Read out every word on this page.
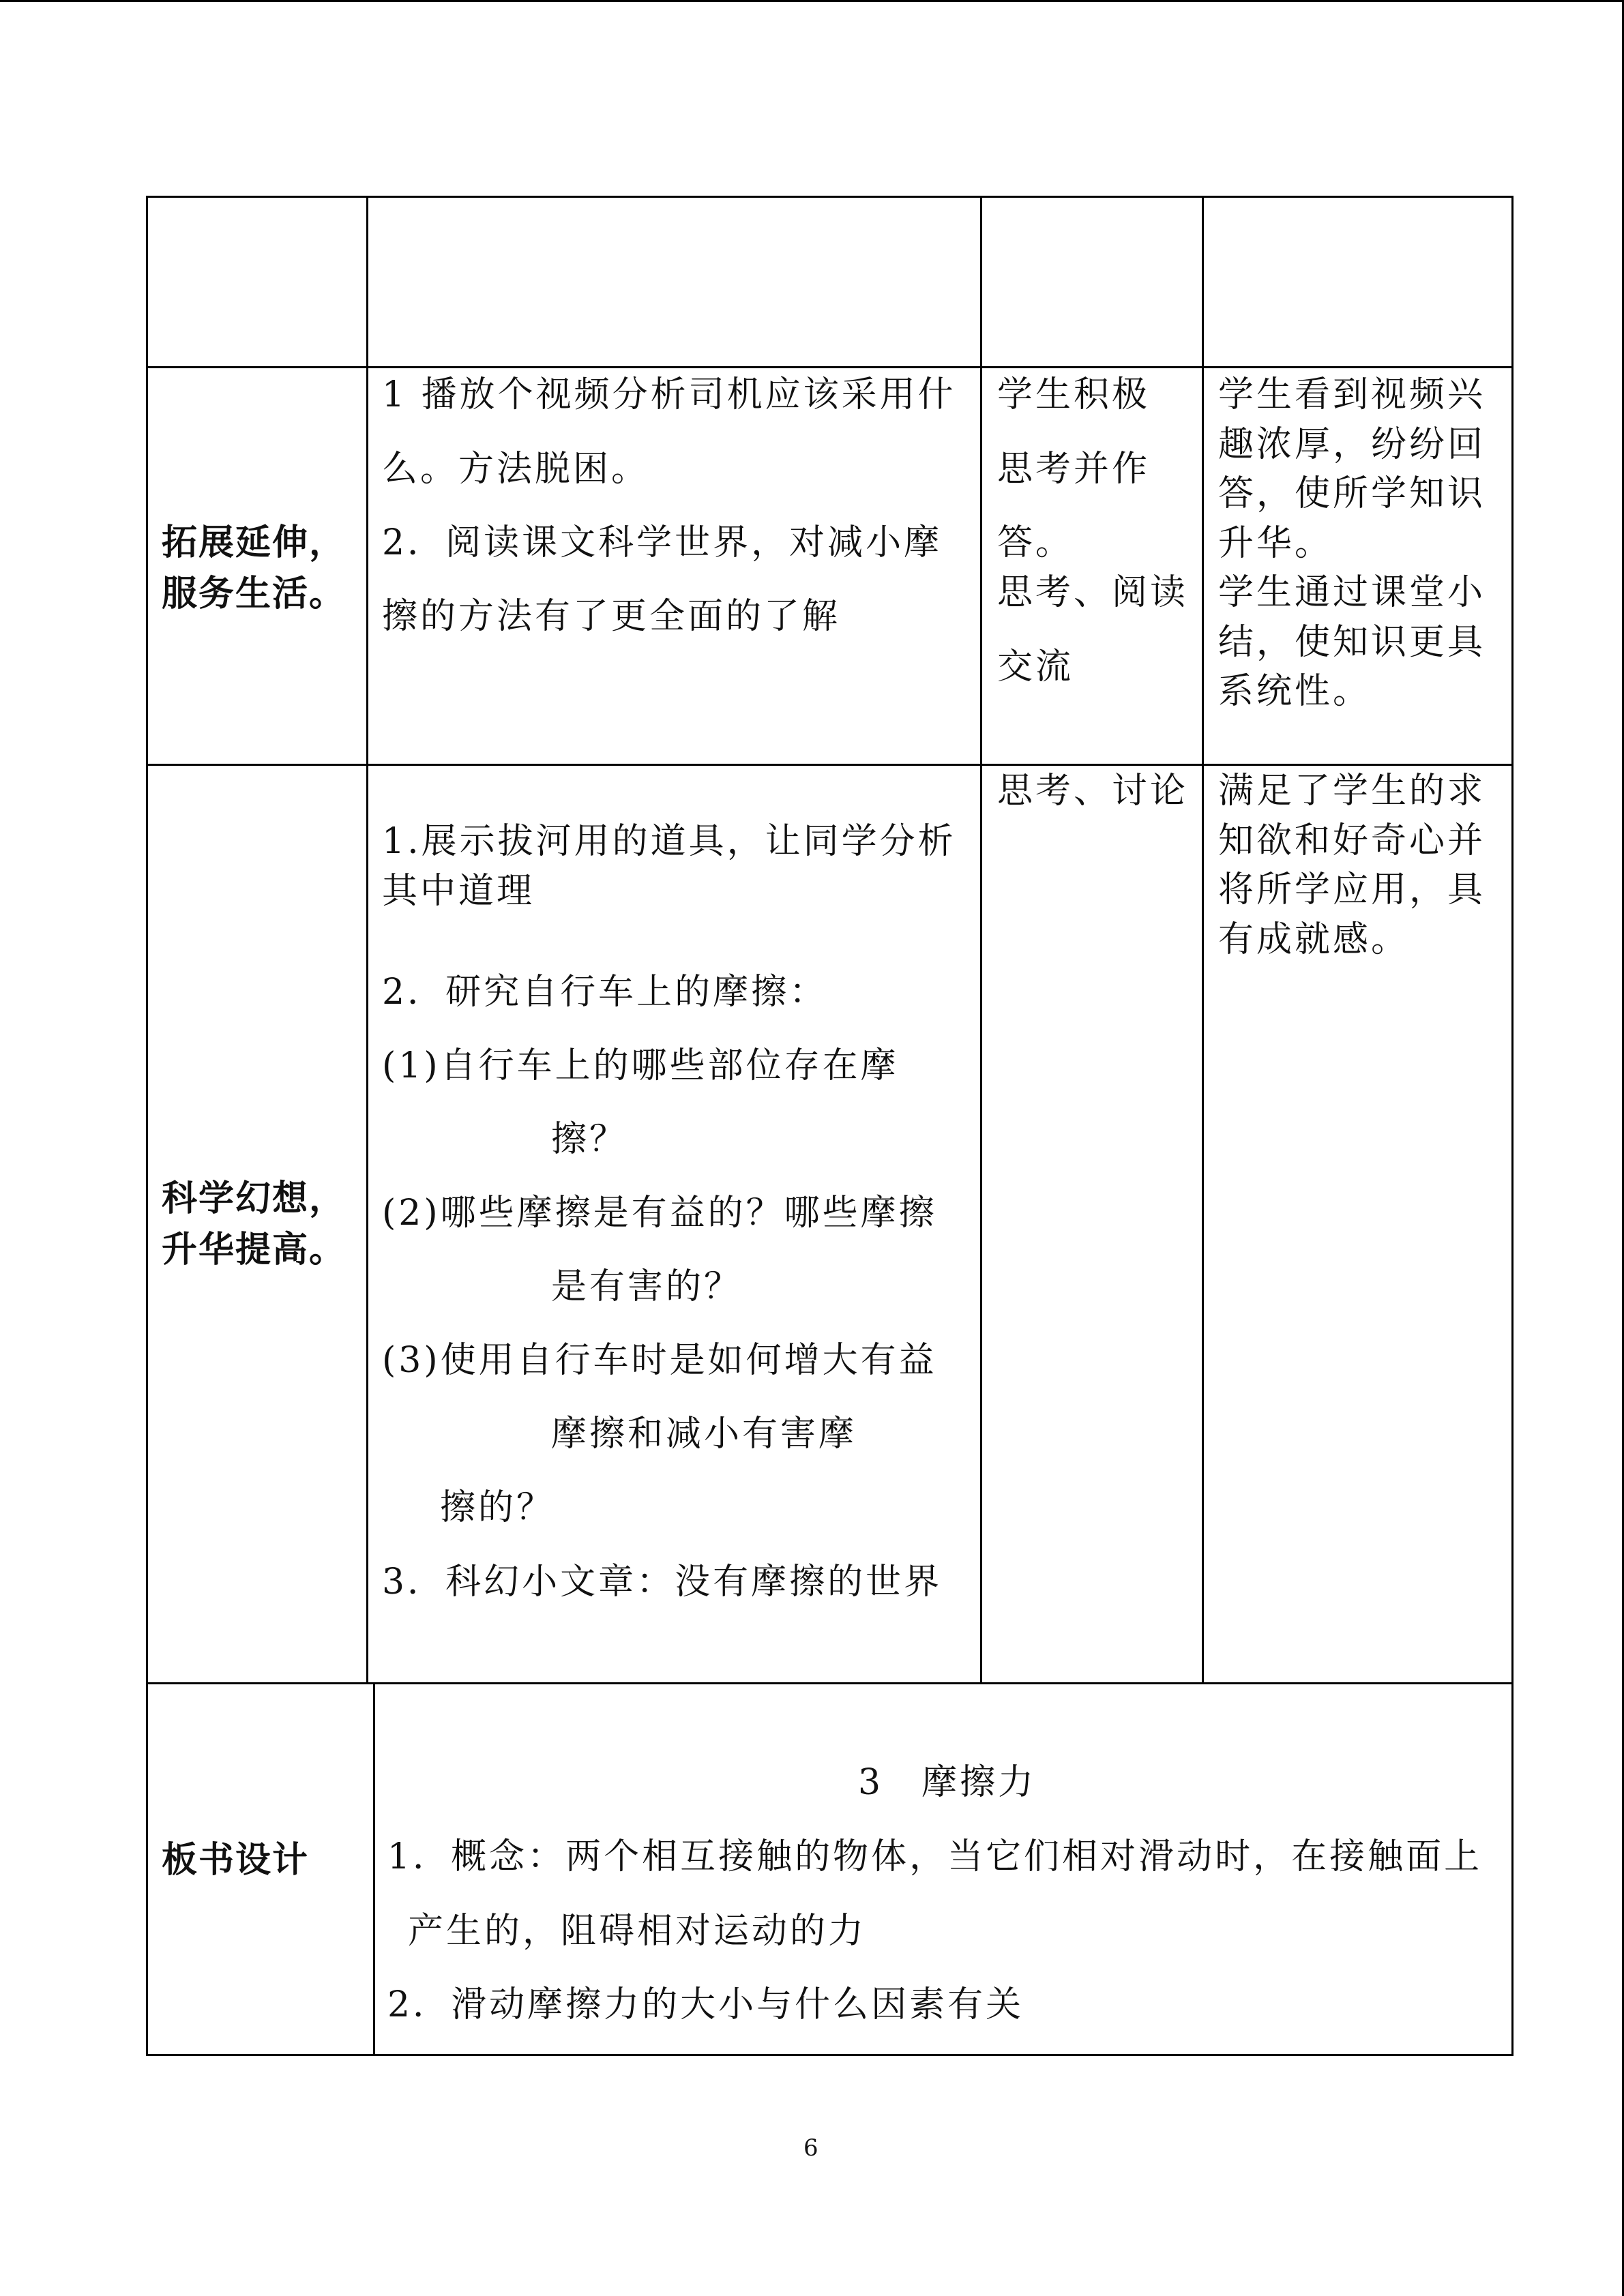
拓展延伸，
服务生活。
1 播放个视频分析司机应该采用什
么。方法脱困。
2．阅读课文科学世界，对减小摩
擦的方法有了更全面的了解
学生积极
思考并作
答。
思考、阅读
交流
学生看到视频兴
趣浓厚，纷纷回
答，使所学知识
升华。
学生通过课堂小
结，使知识更具
系统性。
科学幻想，
升华提高。
1.展示拔河用的道具，让同学分析
其中道理
2．研究自行车上的摩擦：
(1)自行车上的哪些部位存在摩
擦？
(2)哪些摩擦是有益的？哪些摩擦
是有害的？
(3)使用自行车时是如何增大有益
摩擦和减小有害摩
擦的？
3．科幻小文章：没有摩擦的世界
思考、讨论 满足了学生的求
知欲和好奇心并
将所学应用，具
有成就感。
板书设计
3　摩擦力
1．概念：两个相互接触的物体，当它们相对滑动时，在接触面上
产生的，阻碍相对运动的力
2．滑动摩擦力的大小与什么因素有关
6
